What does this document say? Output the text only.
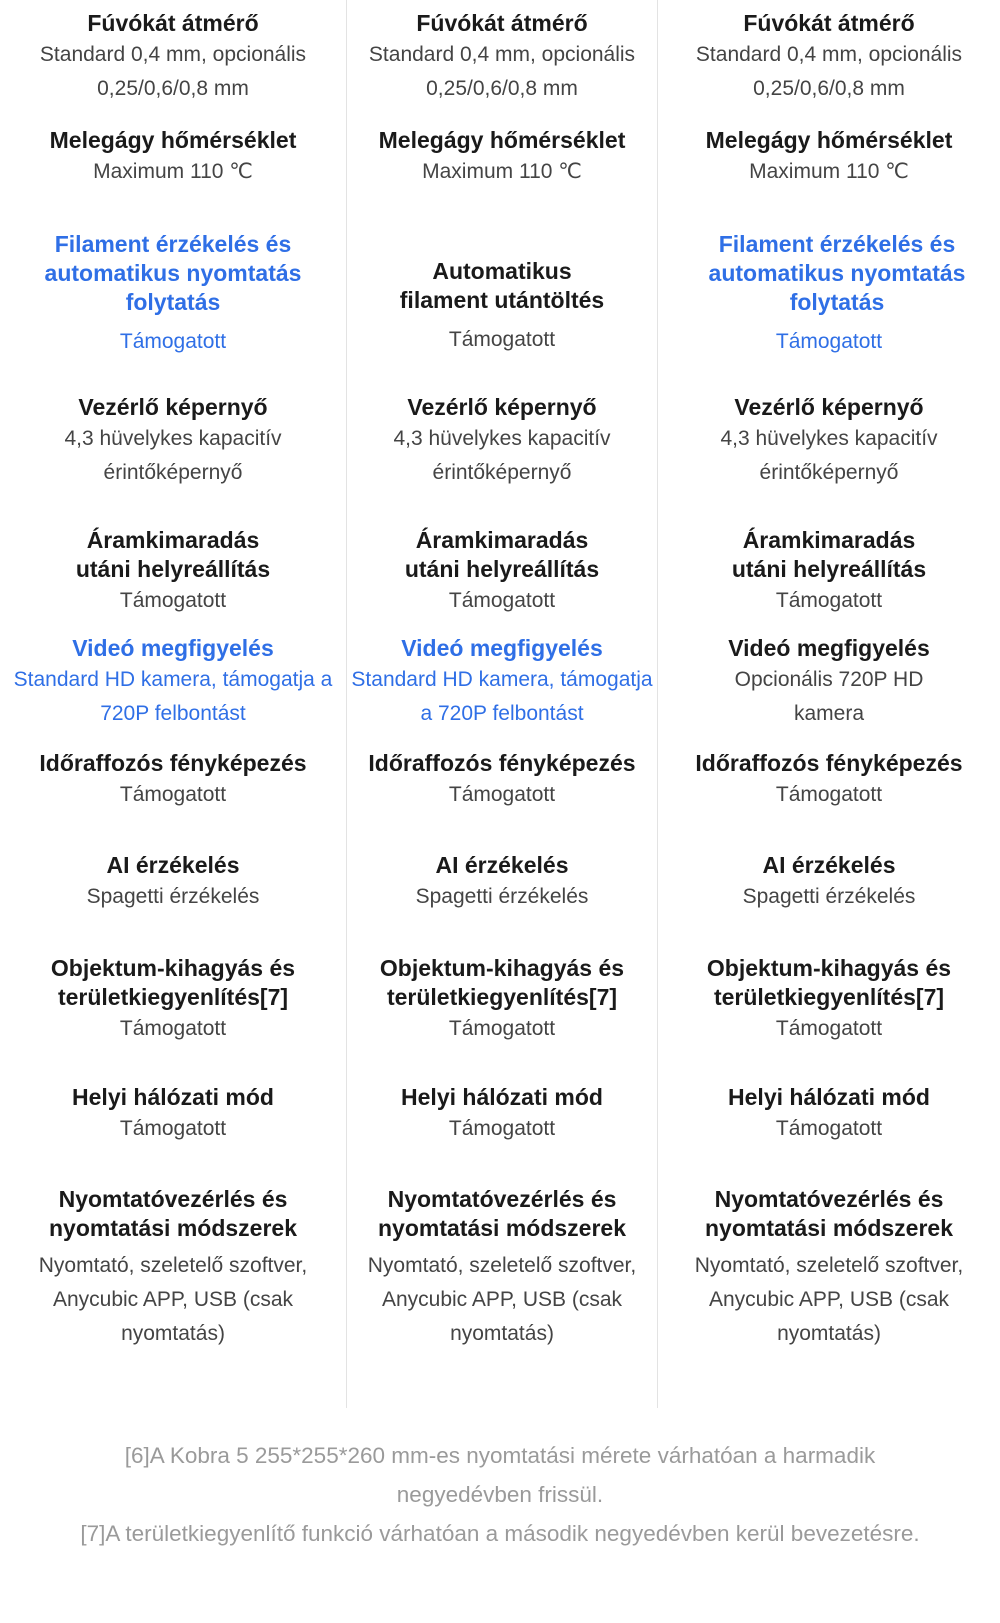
Fúvókát átmérő
Standard 0,4 mm, opcionális 0,25/0,6/0,8 mm
Melegágy hőmérséklet
Maximum 110 ℃
Filament érzékelés és automatikus nyomtatás folytatás
Támogatott
Vezérlő képernyő
4,3 hüvelykes kapacitív érintőképernyő
Áramkimaradás utáni helyreállítás
Támogatott
Videó megfigyelés
Standard HD kamera, támogatja a 720P felbontást
Időraffozós fényképezés
Támogatott
AI érzékelés
Spagetti érzékelés
Objektum-kihagyás és területkiegyenlítés[7]
Támogatott
Helyi hálózati mód
Támogatott
Nyomtatóvezérlés és nyomtatási módszerek
Nyomtató, szeletelő szoftver, Anycubic APP, USB (csak nyomtatás)
Fúvókát átmérő
Standard 0,4 mm, opcionális 0,25/0,6/0,8 mm
Melegágy hőmérséklet
Maximum 110 ℃
Automatikus filament utántöltés
Támogatott
Vezérlő képernyő
4,3 hüvelykes kapacitív érintőképernyő
Áramkimaradás utáni helyreállítás
Támogatott
Videó megfigyelés
Standard HD kamera, támogatja a 720P felbontást
Időraffozós fényképezés
Támogatott
AI érzékelés
Spagetti érzékelés
Objektum-kihagyás és területkiegyenlítés[7]
Támogatott
Helyi hálózati mód
Támogatott
Nyomtatóvezérlés és nyomtatási módszerek
Nyomtató, szeletelő szoftver, Anycubic APP, USB (csak nyomtatás)
Fúvókát átmérő
Standard 0,4 mm, opcionális 0,25/0,6/0,8 mm
Melegágy hőmérséklet
Maximum 110 ℃
Filament érzékelés és automatikus nyomtatás folytatás
Támogatott
Vezérlő képernyő
4,3 hüvelykes kapacitív érintőképernyő
Áramkimaradás utáni helyreállítás
Támogatott
Videó megfigyelés
Opcionális 720P HD kamera
Időraffozós fényképezés
Támogatott
AI érzékelés
Spagetti érzékelés
Objektum-kihagyás és területkiegyenlítés[7]
Támogatott
Helyi hálózati mód
Támogatott
Nyomtatóvezérlés és nyomtatási módszerek
Nyomtató, szeletelő szoftver, Anycubic APP, USB (csak nyomtatás)
[6]A Kobra 5 255*255*260 mm-es nyomtatási mérete várhatóan a harmadik negyedévben frissül.
[7]A területkiegyenlítő funkció várhatóan a második negyedévben kerül bevezetésre.
